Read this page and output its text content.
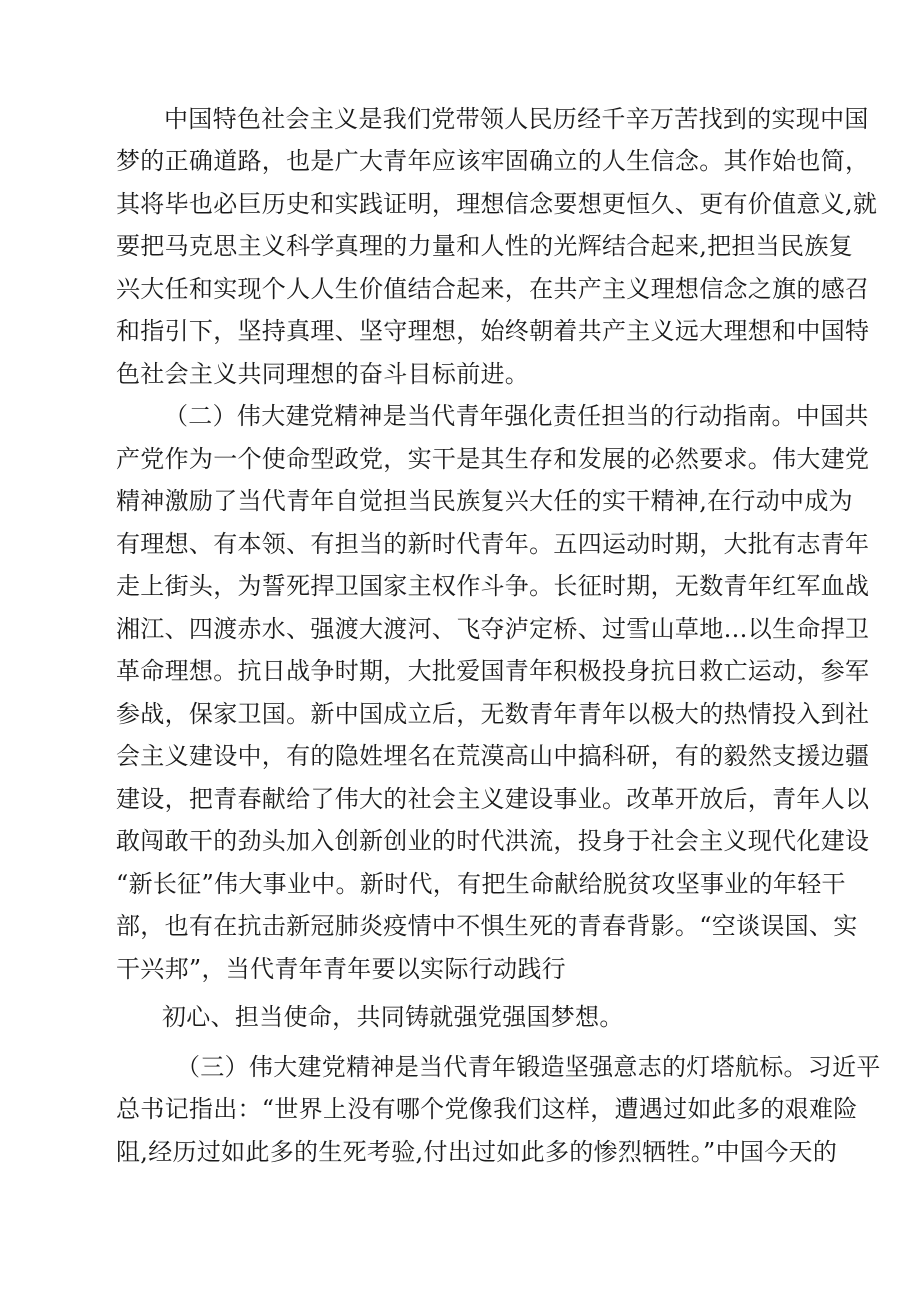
中国特色社会主义是我们党带领人民历经千辛万苦找到的实现中国
梦的正确道路，也是广大青年应该牢固确立的人生信念。其作始也简，
其将毕也必巨历史和实践证明，理想信念要想更恒久、更有价值意义,就
要把马克思主义科学真理的力量和人性的光辉结合起来,把担当民族复
兴大任和实现个人人生价值结合起来，在共产主义理想信念之旗的感召
和指引下，坚持真理、坚守理想，始终朝着共产主义远大理想和中国特
色社会主义共同理想的奋斗目标前进。
（二）伟大建党精神是当代青年强化责任担当的行动指南。中国共
产党作为一个使命型政党，实干是其生存和发展的必然要求。伟大建党
精神激励了当代青年自觉担当民族复兴大任的实干精神,在行动中成为
有理想、有本领、有担当的新时代青年。五四运动时期，大批有志青年
走上街头，为誓死捍卫国家主权作斗争。长征时期，无数青年红军血战
湘江、四渡赤水、强渡大渡河、飞夺泸定桥、过雪山草地…以生命捍卫
革命理想。抗日战争时期，大批爱国青年积极投身抗日救亡运动，参军
参战，保家卫国。新中国成立后，无数青年青年以极大的热情投入到社
会主义建设中，有的隐姓埋名在荒漠高山中搞科研，有的毅然支援边疆
建设，把青春献给了伟大的社会主义建设事业。改革开放后，青年人以
敢闯敢干的劲头加入创新创业的时代洪流，投身于社会主义现代化建设
“新长征”伟大事业中。新时代，有把生命献给脱贫攻坚事业的年轻干
部，也有在抗击新冠肺炎疫情中不惧生死的青春背影。“空谈误国、实
干兴邦”，当代青年青年要以实际行动践行
初心、担当使命，共同铸就强党强国梦想。
（三）伟大建党精神是当代青年锻造坚强意志的灯塔航标。习近平
总书记指出：“世界上没有哪个党像我们这样，遭遇过如此多的艰难险
阻,经历过如此多的生死考验,付出过如此多的惨烈牺牲。”中国今天的
